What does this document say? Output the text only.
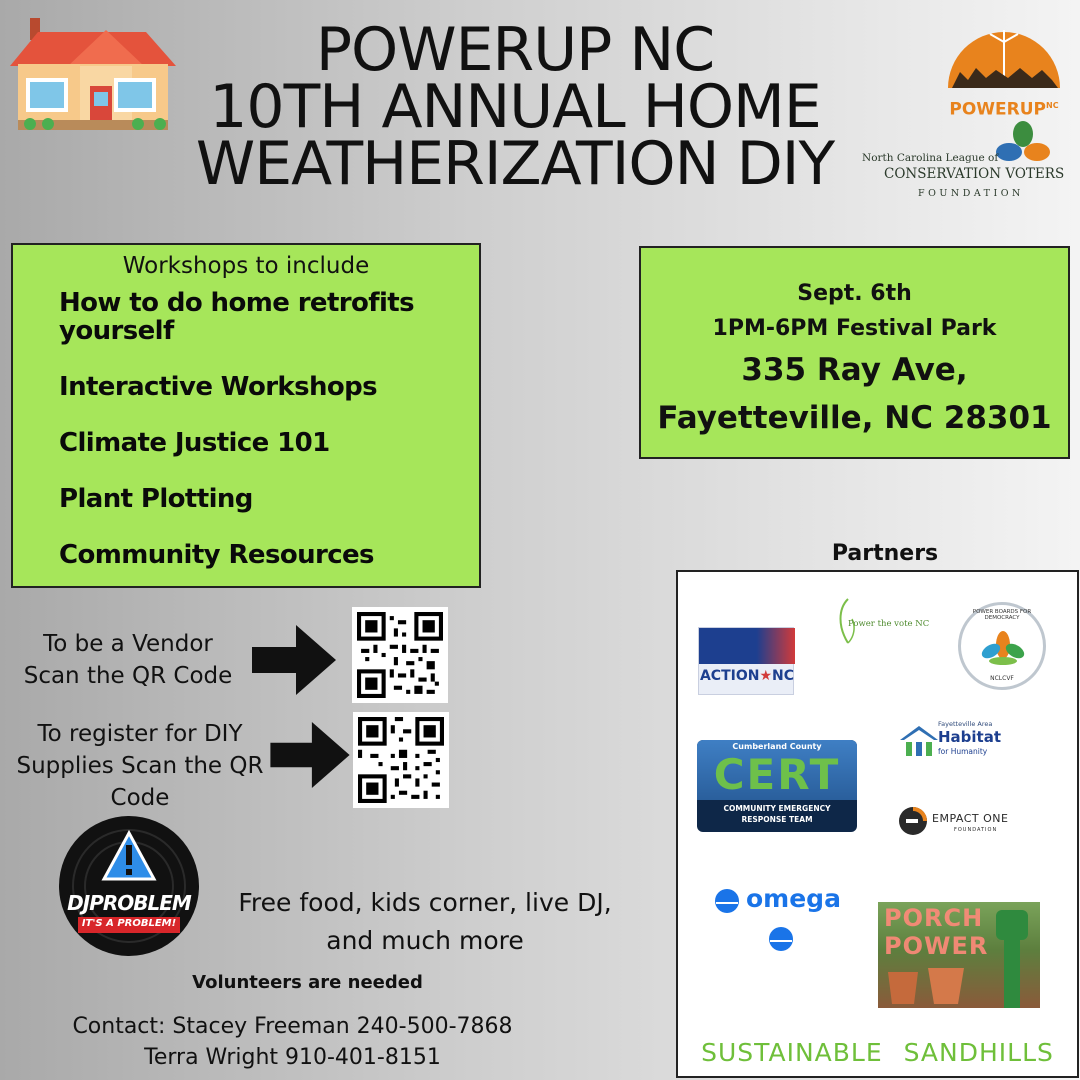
POWERUP NC
10TH ANNUAL HOME
WEATHERIZATION DIY
$POWERUP^{NC}$
North Carolina League of
CONSERVATION VOTERS
FOUNDATION
Workshops to include
How to do home retrofits yourself
Interactive Workshops
Climate Justice 101
Plant Plotting
Community Resources
Sept. 6th
1PM-6PM Festival Park
335 Ray Ave,
Fayetteville, NC 28301
To be a Vendor
Scan the QR Code
To register for DIY
Supplies Scan the QR
Code
DJPROBLEM
IT'S A PROBLEM!
Free food, kids corner, live DJ,
and much more
Volunteers are needed
Contact: Stacey Freeman 240-500-7868
Terra Wright 910-401-8151
Partners
ACTION★NC
Power the vote NC
POWER BOARDS FOR DEMOCRACY
NCLCVF
Fayetteville Area
Habitat
for Humanity
Cumberland County
CERT
COMMUNITY EMERGENCY
RESPONSE TEAM	EMPACT ONE
FOUNDATION
omega
PORCH
POWER
SUSTAINABLE SANDHILLS
